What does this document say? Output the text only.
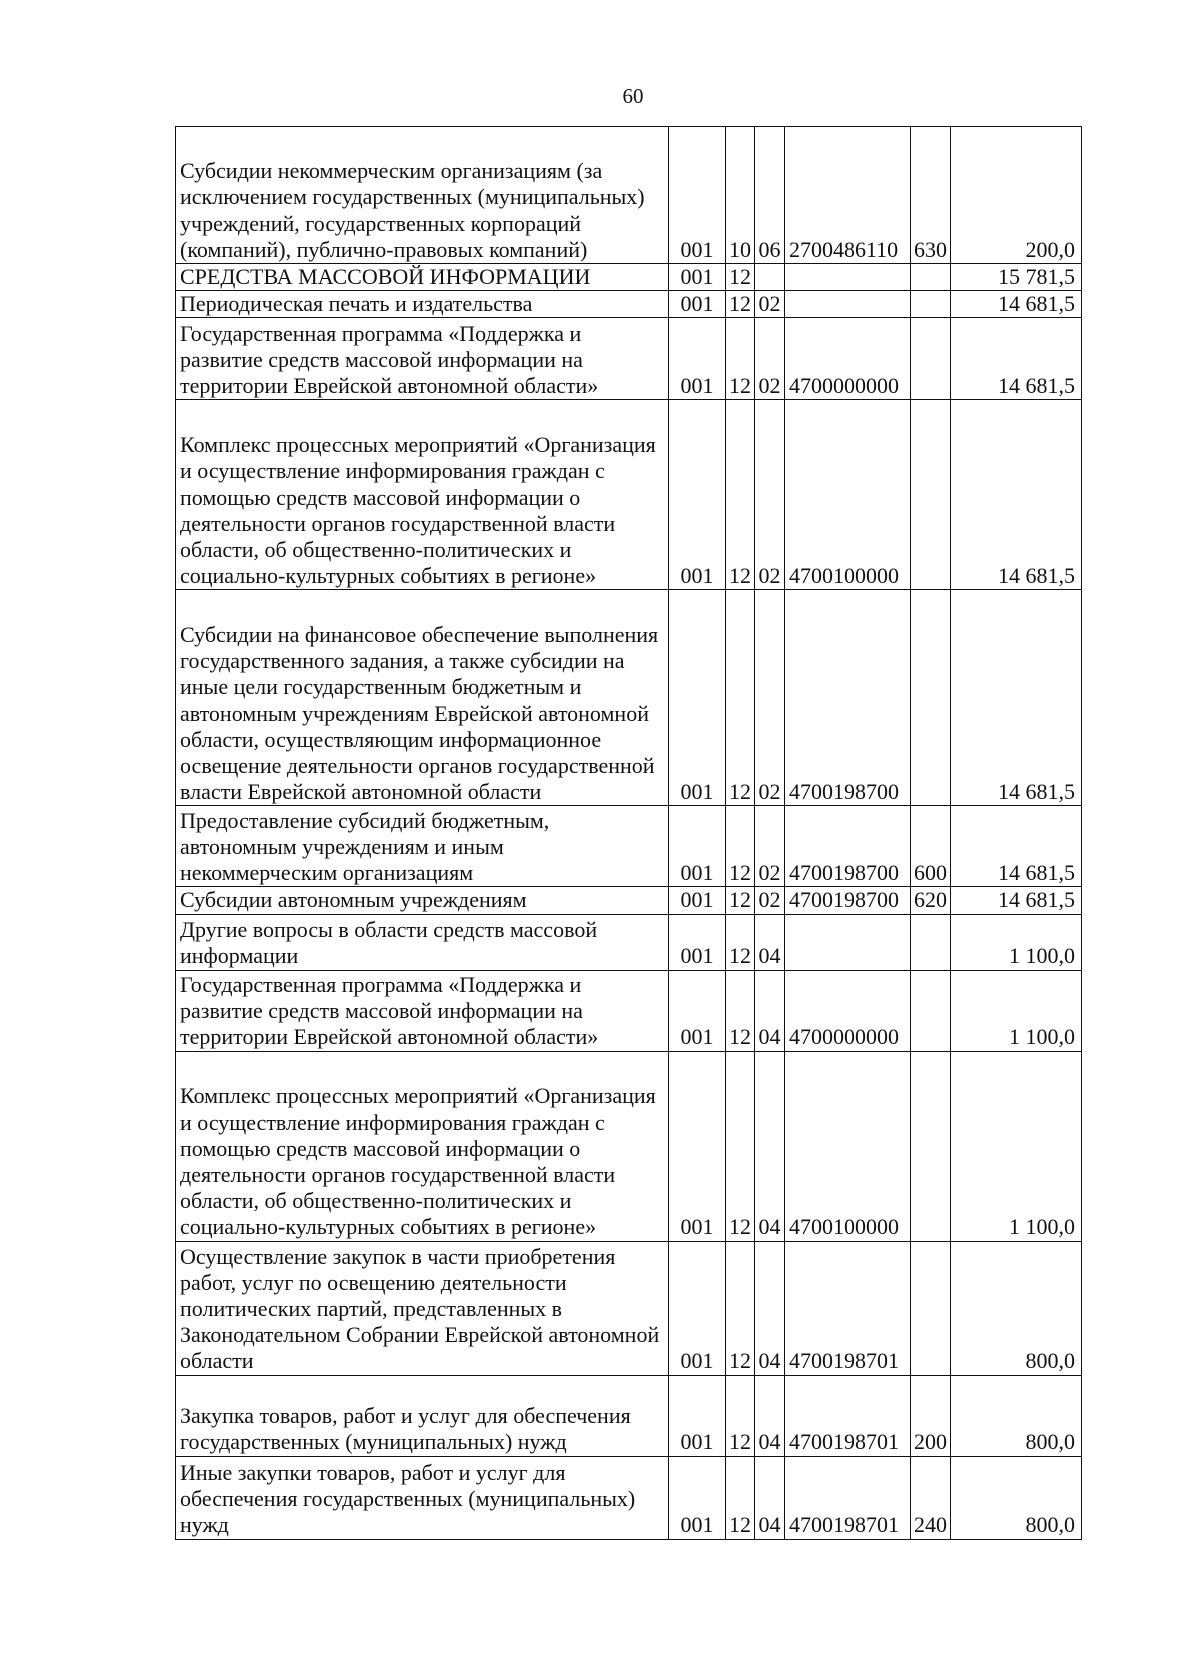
60
Субсидии некоммерческим организациям (за исключением государственных (муниципальных) учреждений, государственных корпораций (компаний), публично-правовых компаний)	001	10	06	2700486110	630	200,0
СРЕДСТВА МАССОВОЙ ИНФОРМАЦИИ	001	12				15 781,5
Периодическая печать и издательства	001	12	02			14 681,5
Государственная программа «Поддержка и развитие средств массовой информации на территории Еврейской автономной области»	001	12	02	4700000000		14 681,5
Комплекс процессных мероприятий «Организация и осуществление информирования граждан с помощью средств массовой информации о деятельности органов государственной власти области, об общественно-политических и социально-культурных событиях в регионе»	001	12	02	4700100000		14 681,5
Субсидии на финансовое обеспечение выполнения государственного задания, а также субсидии на иные цели государственным бюджетным и автономным учреждениям Еврейской автономной области, осуществляющим информационное освещение деятельности органов государственной власти Еврейской автономной области	001	12	02	4700198700		14 681,5
Предоставление субсидий бюджетным, автономным учреждениям и иным некоммерческим организациям	001	12	02	4700198700	600	14 681,5
Субсидии автономным учреждениям	001	12	02	4700198700	620	14 681,5
Другие вопросы в области средств массовой информации	001	12	04			1 100,0
Государственная программа «Поддержка и развитие средств массовой информации на территории Еврейской автономной области»	001	12	04	4700000000		1 100,0
Комплекс процессных мероприятий «Организация и осуществление информирования граждан с помощью средств массовой информации о деятельности органов государственной власти области, об общественно-политических и социально-культурных событиях в регионе»	001	12	04	4700100000		1 100,0
Осуществление закупок в части приобретения работ, услуг по освещению деятельности политических партий, представленных в Законодательном Собрании Еврейской автономной области	001	12	04	4700198701		800,0
Закупка товаров, работ и услуг для обеспечения государственных (муниципальных) нужд	001	12	04	4700198701	200	800,0
Иные закупки товаров, работ и услуг для обеспечения государственных (муниципальных) нужд	001	12	04	4700198701	240	800,0
